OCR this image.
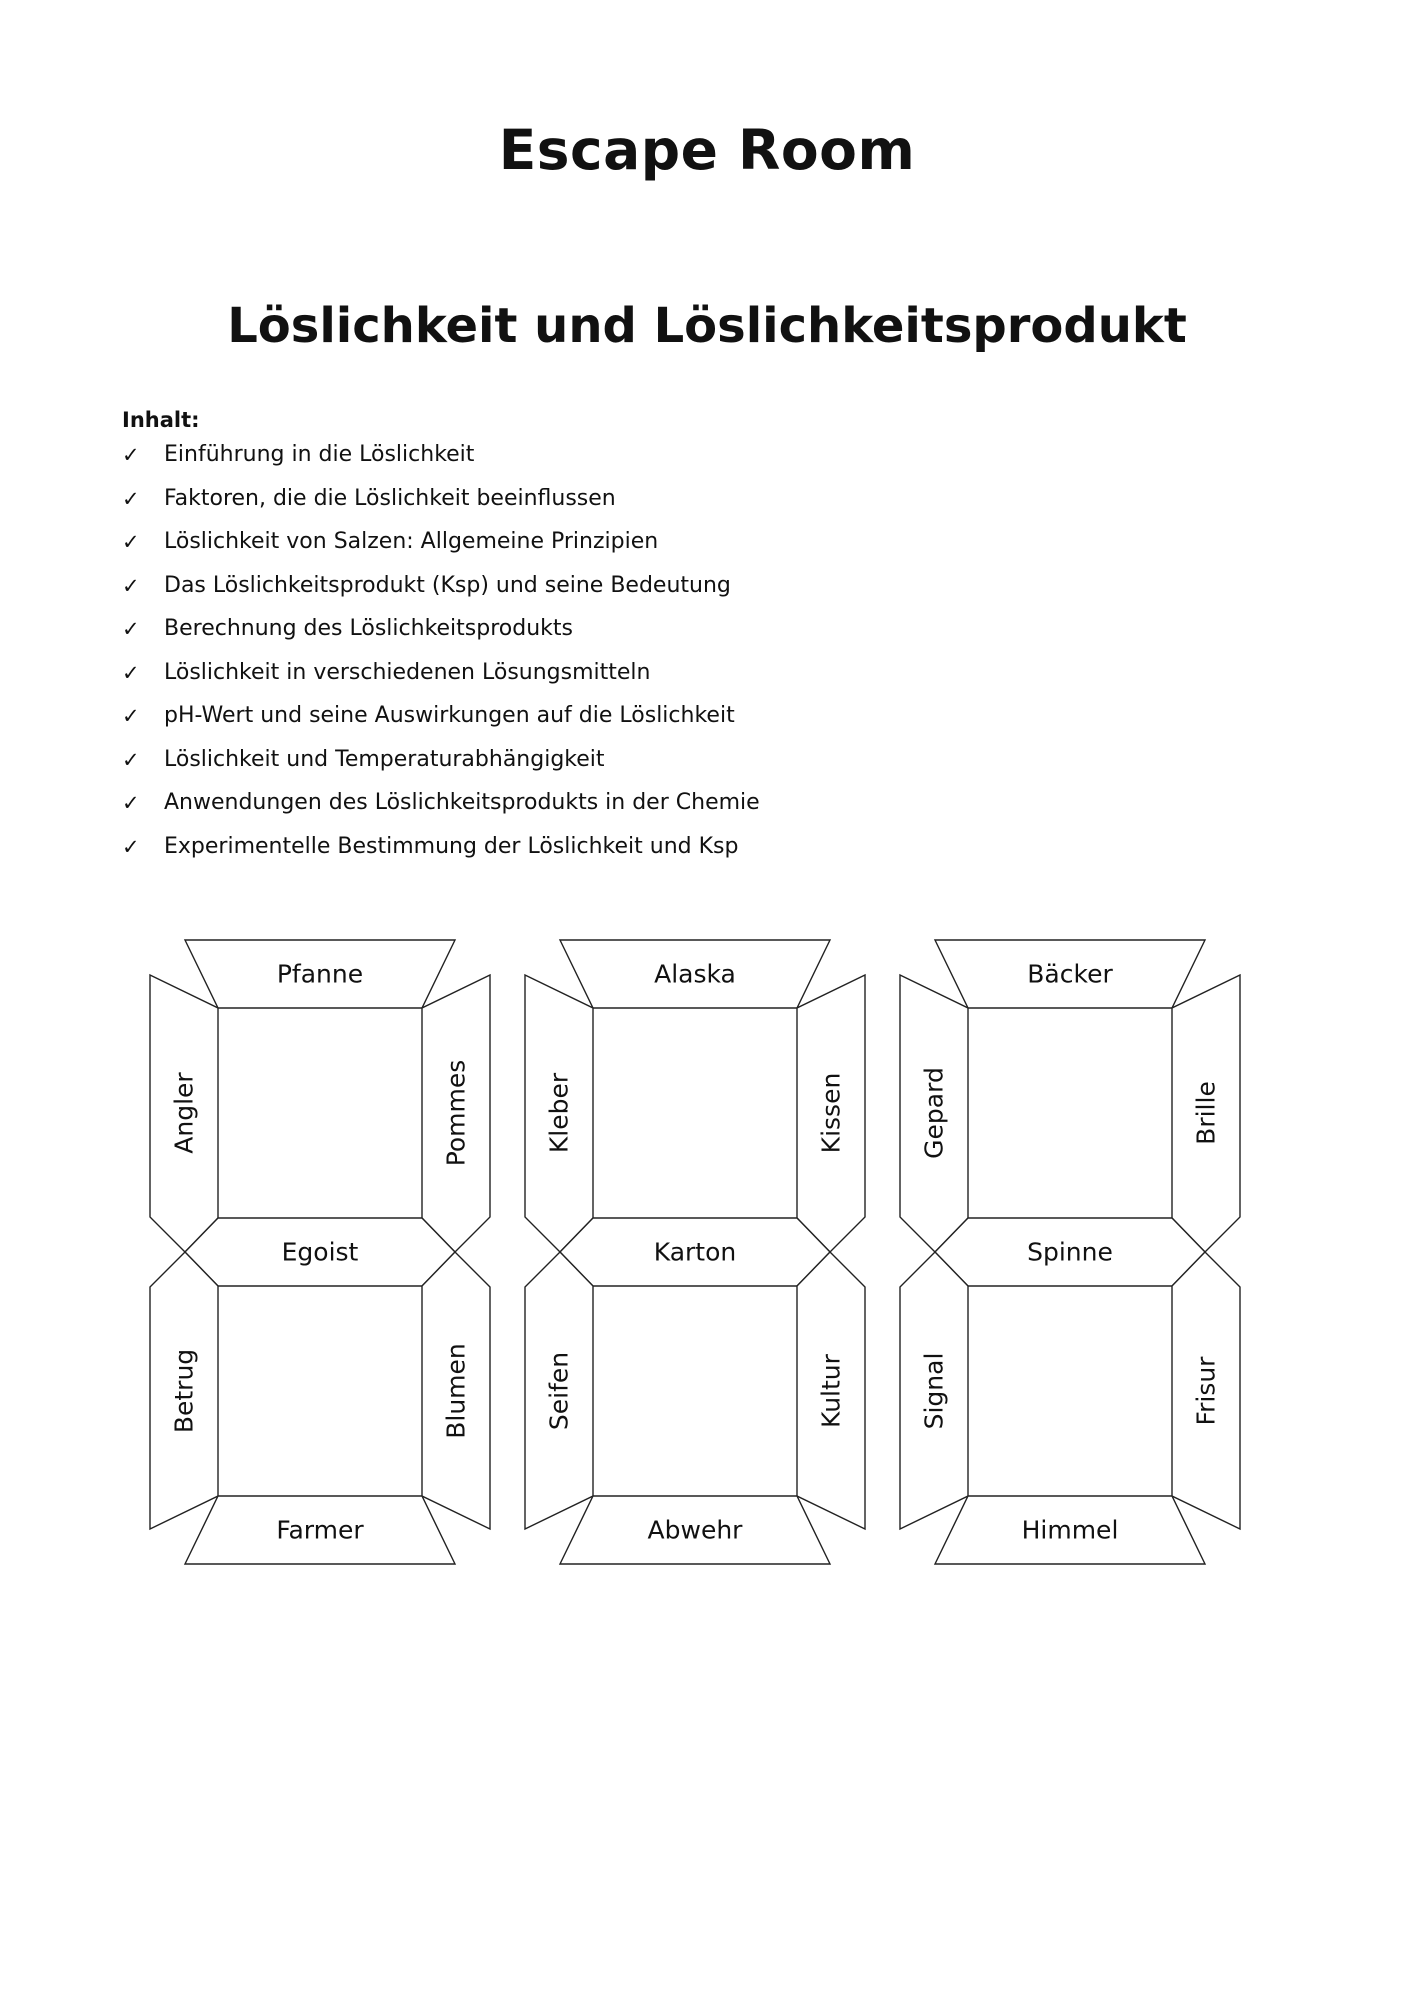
Escape Room
Löslichkeit und Löslichkeitsprodukt

Inhalt:

✓	Einführung in die Löslichkeit
✓	Faktoren, die die Löslichkeit beeinflussen
✓	Löslichkeit von Salzen: Allgemeine Prinzipien
✓	Das Löslichkeitsprodukt (Ksp) und seine Bedeutung
✓	Berechnung des Löslichkeitsprodukts
✓	Löslichkeit in verschiedenen Lösungsmitteln
✓	pH-Wert und seine Auswirkungen auf die Löslichkeit
✓	Löslichkeit und Temperaturabhängigkeit
✓	Anwendungen des Löslichkeitsprodukts in der Chemie
✓	Experimentelle Bestimmung der Löslichkeit und Ksp
Pfanne
Angler	Pommes
Egoist
Betrug	Blumen
Farmer
Alaska
Kleber	Kissen
Karton
Seifen	Kultur
Abwehr
Bäcker
Gepard	Brille
Spinne
Signal	Frisur
Himmel
